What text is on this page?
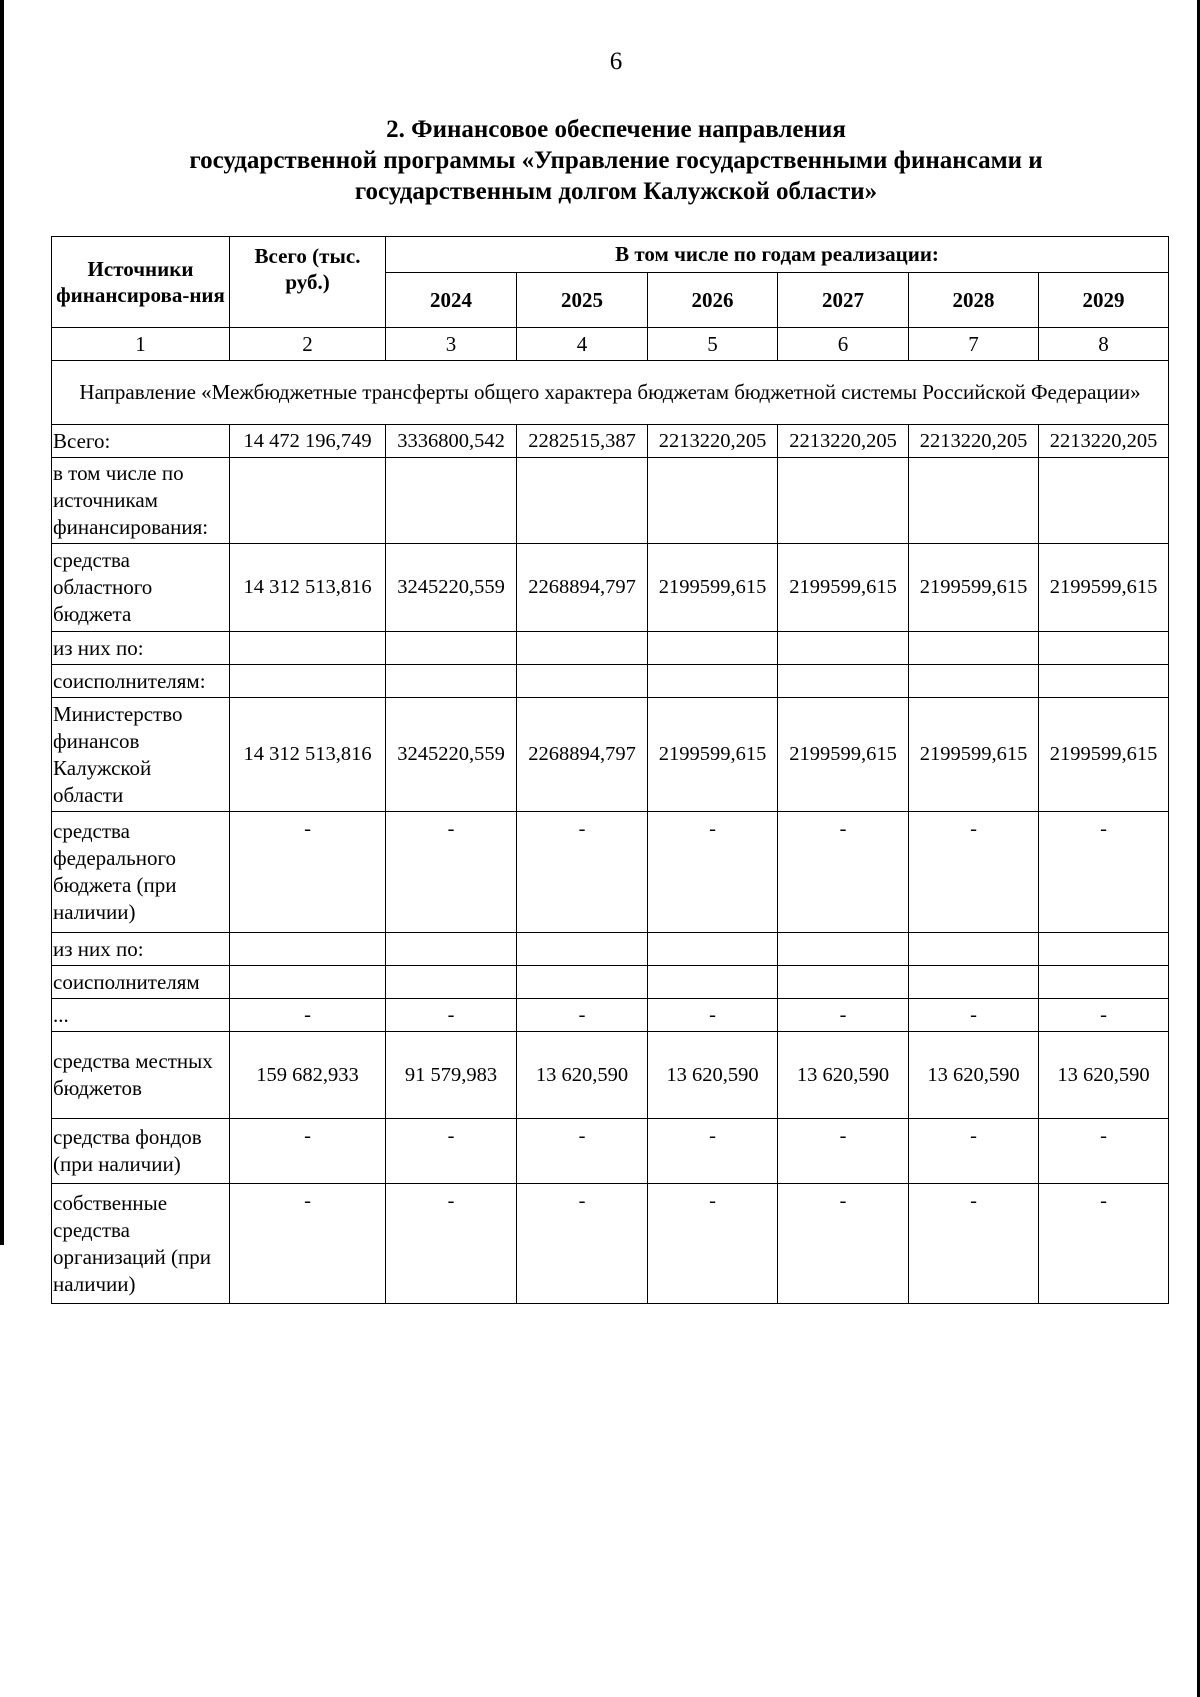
6
2. Финансовое обеспечение направления
государственной программы «Управление государственными финансами и
государственным долгом Калужской области»
Источники финансирова-ния	Всего (тыс. руб.)	В том числе по годам реализации:					
		2024	2025	2026	2027	2028	2029
1	2	3	4	5	6	7	8
Направление «Межбюджетные трансферты общего характера бюджетам бюджетной системы Российской Федерации»							
Всего:	14 472 196,749	3336800,542	2282515,387	2213220,205	2213220,205	2213220,205	2213220,205
в том числе по источникам финансирования:							
средства областного бюджета	14 312 513,816	3245220,559	2268894,797	2199599,615	2199599,615	2199599,615	2199599,615
из них по:							
соисполнителям:							
Министерство финансов Калужской области	14 312 513,816	3245220,559	2268894,797	2199599,615	2199599,615	2199599,615	2199599,615
средства федерального бюджета (при наличии)	-	-	-	-	-	-	-
из них по:							
соисполнителям							
...	-	-	-	-	-	-	-
средства местных бюджетов	159 682,933	91 579,983	13 620,590	13 620,590	13 620,590	13 620,590	13 620,590
средства фондов (при наличии)	-	-	-	-	-	-	-
собственные средства организаций (при наличии)	-	-	-	-	-	-	-
